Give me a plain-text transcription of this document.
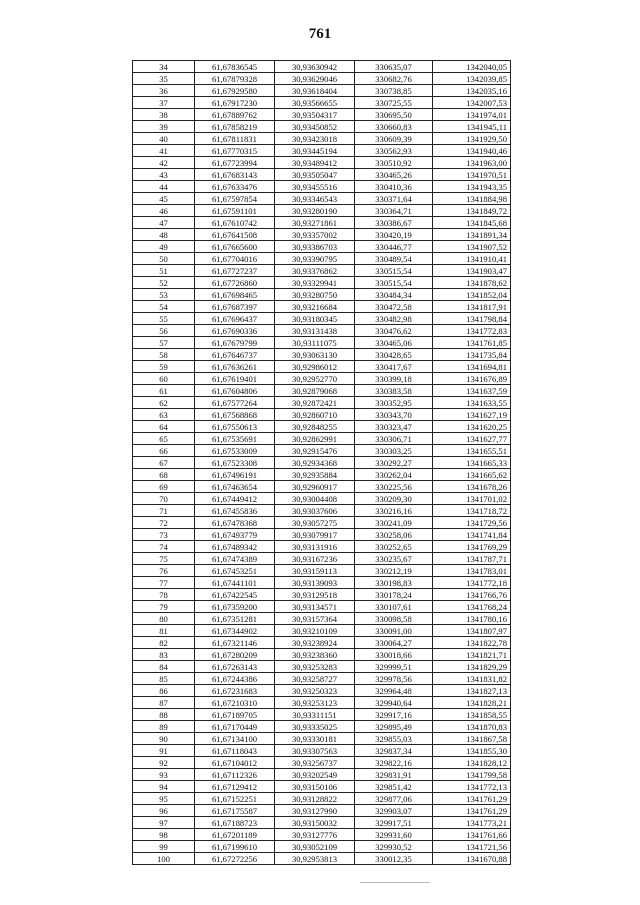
761
34	61,67836545	30,93630942	330635,07	1342040,05
35	61,67879328	30,93629046	330682,76	1342039,85
36	61,67929580	30,93618404	330738,85	1342035,16
37	61,67917230	30,93566655	330725,55	1342007,53
38	61,67889762	30,93504317	330695,50	1341974,01
39	61,67858219	30,93450852	330660,83	1341945,11
40	61,67811831	30,93423018	330609,39	1341929,50
41	61,67770315	30,93445194	330562,93	1341940,46
42	61,67723994	30,93489412	330510,92	1341963,00
43	61,67683143	30,93505047	330465,26	1341970,51
44	61,67633476	30,93455516	330410,36	1341943,35
45	61,67597854	30,93346543	330371,64	1341884,98
46	61,67591101	30,93280190	330364,71	1341849,72
47	61,67610742	30,93271861	330386,67	1341845,68
48	61,67641508	30,93357002	330420,19	1341891,34
49	61,67665600	30,93386703	330446,77	1341907,52
50	61,67704016	30,93390795	330489,54	1341910,41
51	61,67727237	30,93376862	330515,54	1341903,47
52	61,67726860	30,93329941	330515,54	1341878,62
53	61,67698465	30,93280750	330484,34	1341852,04
54	61,67687397	30,93216684	330472,58	1341817,91
55	61,67696437	30,93180345	330482,98	1341798,84
56	61,67690336	30,93131438	330476,62	1341772,83
57	61,67679799	30,93111075	330465,06	1341761,85
58	61,67646737	30,93063130	330428,65	1341735,84
59	61,67636261	30,92986012	330417,67	1341694,81
60	61,67619401	30,92952770	330399,18	1341676,89
61	61,67604806	30,92879068	330383,58	1341637,59
62	61,67577264	30,92872421	330352,95	1341633,55
63	61,67568868	30,92860710	330343,70	1341627,19
64	61,67550613	30,92848255	330323,47	1341620,25
65	61,67535691	30,92862991	330306,71	1341627,77
66	61,67533009	30,92915476	330303,25	1341655,51
67	61,67523308	30,92934368	330292,27	1341665,33
68	61,67496191	30,92935884	330262,04	1341665,62
69	61,67463654	30,92960917	330225,56	1341678,26
70	61,67449412	30,93004408	330209,30	1341701,02
71	61,67455836	30,93037606	330216,16	1341718,72
72	61,67478368	30,93057275	330241,09	1341729,56
73	61,67493779	30,93079917	330258,06	1341741,84
74	61,67489342	30,93131916	330252,65	1341769,29
75	61,67474389	30,93167236	330235,67	1341787,71
76	61,67453251	30,93159113	330212,19	1341783,01
77	61,67441101	30,93139093	330198,83	1341772,18
78	61,67422545	30,93129518	330178,24	1341766,76
79	61,67359200	30,93134571	330107,61	1341768,24
80	61,67351281	30,93157364	330098,58	1341780,16
81	61,67344902	30,93210109	330091,00	1341807,97
82	61,67321146	30,93238924	330064,27	1341822,78
83	61,67280209	30,93238360	330018,66	1341821,71
84	61,67263143	30,93253283	329999,51	1341829,29
85	61,67244386	30,93258727	329978,56	1341831,82
86	61,67231683	30,93250323	329964,48	1341827,13
87	61,67210310	30,93253123	329940,64	1341828,21
88	61,67189705	30,93311151	329917,16	1341858,55
89	61,67170449	30,93335025	329895,49	1341870,83
90	61,67134100	30,93330181	329855,03	1341867,58
91	61,67118043	30,93307563	329837,34	1341855,30
92	61,67104012	30,93256737	329822,16	1341828,12
93	61,67112326	30,93202549	329831,91	1341799,58
94	61,67129412	30,93150106	329851,42	1341772,13
95	61,67152251	30,93128822	329877,06	1341761,29
96	61,67175587	30,93127990	329903,07	1341761,29
97	61,67188723	30,93150032	329917,51	1341773,21
98	61,67201189	30,93127776	329931,60	1341761,66
99	61,67199610	30,93052109	329930,52	1341721,56
100	61,67272256	30,92953813	330012,35	1341670,88
